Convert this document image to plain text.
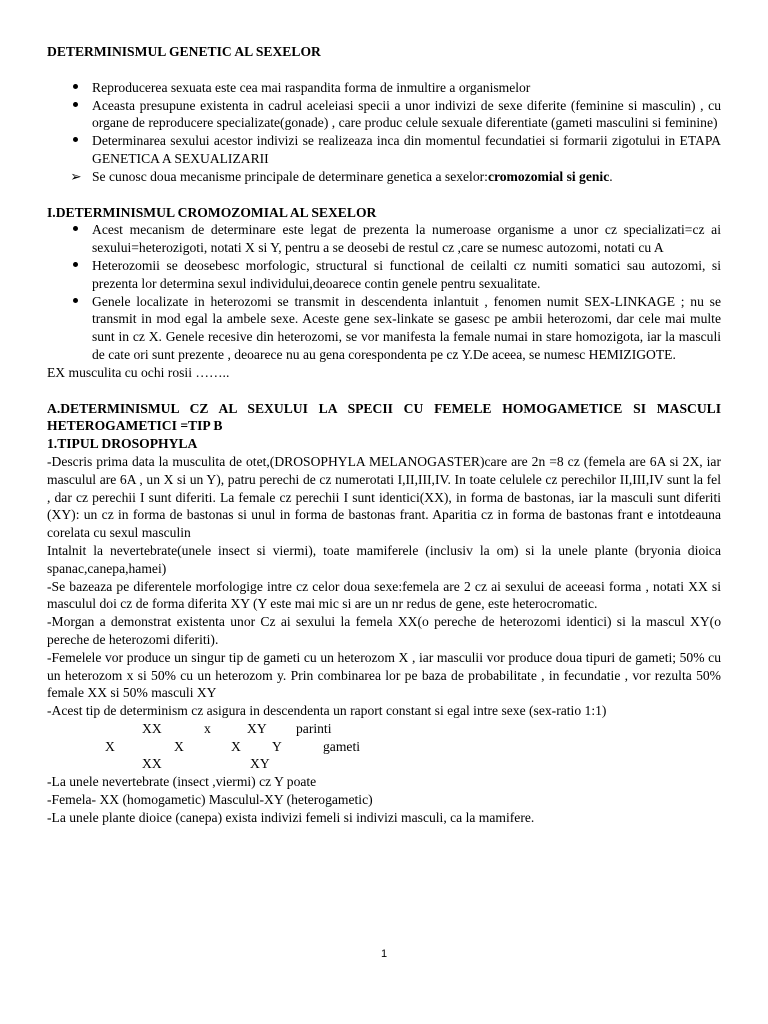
DETERMINISMUL GENETIC AL SEXELOR

Reproducerea sexuata este cea mai raspandita forma de inmultire a organismelor
Aceasta presupune existenta in cadrul aceleiasi specii a unor indivizi de sexe diferite (feminine si masculin) , cu organe de reproducere specializate(gonade) , care produc celule sexuale diferentiate (gameti masculini si feminine)
Determinarea sexului acestor indivizi se realizeaza inca din momentul fecundatiei si formarii zigotului in ETAPA GENETICA A SEXUALIZARII
➢ Se cunosc doua mecanisme principale de determinare genetica a sexelor:cromozomial si genic.

I.DETERMINISMUL CROMOZOMIAL AL SEXELOR

Acest mecanism de determinare este legat de prezenta la numeroase organisme a unor cz specializati=cz ai sexului=heterozigoti, notati X si Y, pentru a se deosebi de restul cz ,care se numesc autozomi, notati cu A
Heterozomii se deosebesc morfologic, structural si functional de ceilalti cz numiti somatici sau autozomi, si prezenta lor determina sexul individului,deoarece contin genele pentru sexualitate.
Genele localizate in heterozomi se transmit in descendenta inlantuit , fenomen numit SEX-LINKAGE ; nu se transmit in mod egal la ambele sexe. Aceste gene sex-linkate se gasesc pe ambii heterozomi, dar cele mai multe sunt in cz X. Genele recesive din heterozomi, se vor manifesta la female numai in stare homozigota, iar la masculi de cate ori sunt prezente , deoarece nu au gena corespondenta pe cz Y.De aceea, se numesc HEMIZIGOTE.

EX musculita cu ochi rosii ……..

A.DETERMINISMUL CZ AL SEXULUI LA SPECII CU FEMELE HOMOGAMETICE SI MASCULI HETEROGAMETICI =TIP B

1.TIPUL DROSOPHYLA

-Descris prima data la musculita de otet,(DROSOPHYLA MELANOGASTER)care are 2n =8 cz (femela are 6A si 2X, iar masculul are 6A , un X si un Y), patru perechi de cz numerotati I,II,III,IV. In toate celulele cz perechilor II,III,IV sunt la fel , dar cz perechii I sunt diferiti. La female cz perechii I sunt identici(XX), in forma de bastonas, iar la masculi sunt diferiti (XY): un cz in forma de bastonas si unul in forma de bastonas frant. Aparitia cz in forma de bastonas frant e intotdeauna corelata cu sexul masculin

Intalnit la nevertebrate(unele insect si viermi), toate mamiferele (inclusiv la om) si la unele plante (bryonia dioica spanac,canepa,hamei)

-Se bazeaza pe diferentele morfologige intre cz celor doua sexe:femela are 2 cz ai sexului de aceeasi forma , notati XX si masculul doi cz de forma diferita XY (Y este mai mic si are un nr redus de gene, este heterocromatic.

-Morgan a demonstrat existenta unor Cz ai sexului la femela XX(o pereche de heterozomi identici) si la mascul XY(o pereche de heterozomi diferiti).

-Femelele vor produce un singur tip de gameti cu un heterozom X , iar masculii vor produce doua tipuri de gameti; 50% cu un heterozom x si 50% cu un heterozom y. Prin combinarea lor pe baza de probabilitate , in fecundatie , vor rezulta 50% female XX si 50% masculi XY

-Acest tip de determinism cz asigura in descendenta un raport constant si egal intre sexe (sex-ratio 1:1)

XX	x	XY parinti
X	X	X Y	gameti
XX	XY

-La unele nevertebrate (insect ,viermi) cz Y poate

-Femela- XX (homogametic) Masculul-XY (heterogametic)

-La unele plante dioice (canepa) exista indivizi femeli si indivizi masculi, ca la mamifere.

1
